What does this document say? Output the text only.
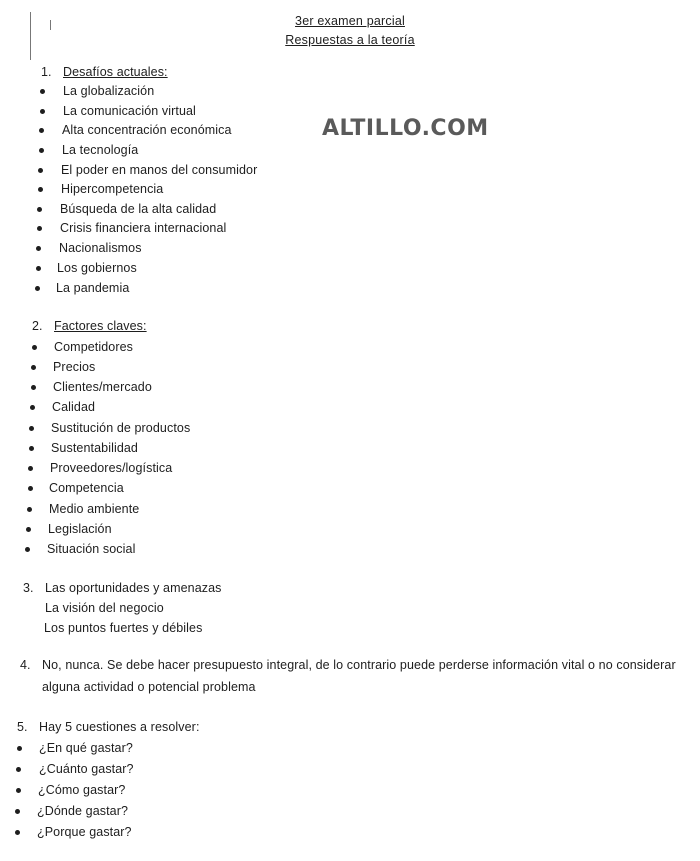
3er examen parcial
Respuestas a la teoría
ALTILLO.COM
1. Desafíos actuales:
La globalización
La comunicación virtual
Alta concentración económica
La tecnología
El poder en manos del consumidor
Hipercompetencia
Búsqueda de la alta calidad
Crisis financiera internacional
Nacionalismos
Los gobiernos
La pandemia
2. Factores claves:
Competidores
Precios
Clientes/mercado
Calidad
Sustitución de productos
Sustentabilidad
Proveedores/logística
Competencia
Medio ambiente
Legislación
Situación social
3. Las oportunidades y amenazas
La visión del negocio
Los puntos fuertes y débiles
4. No, nunca. Se debe hacer presupuesto integral, de lo contrario puede perderse información vital o no considerar
alguna actividad o potencial problema
5. Hay 5 cuestiones a resolver:
¿En qué gastar?
¿Cuánto gastar?
¿Cómo gastar?
¿Dónde gastar?
¿Porque gastar?
